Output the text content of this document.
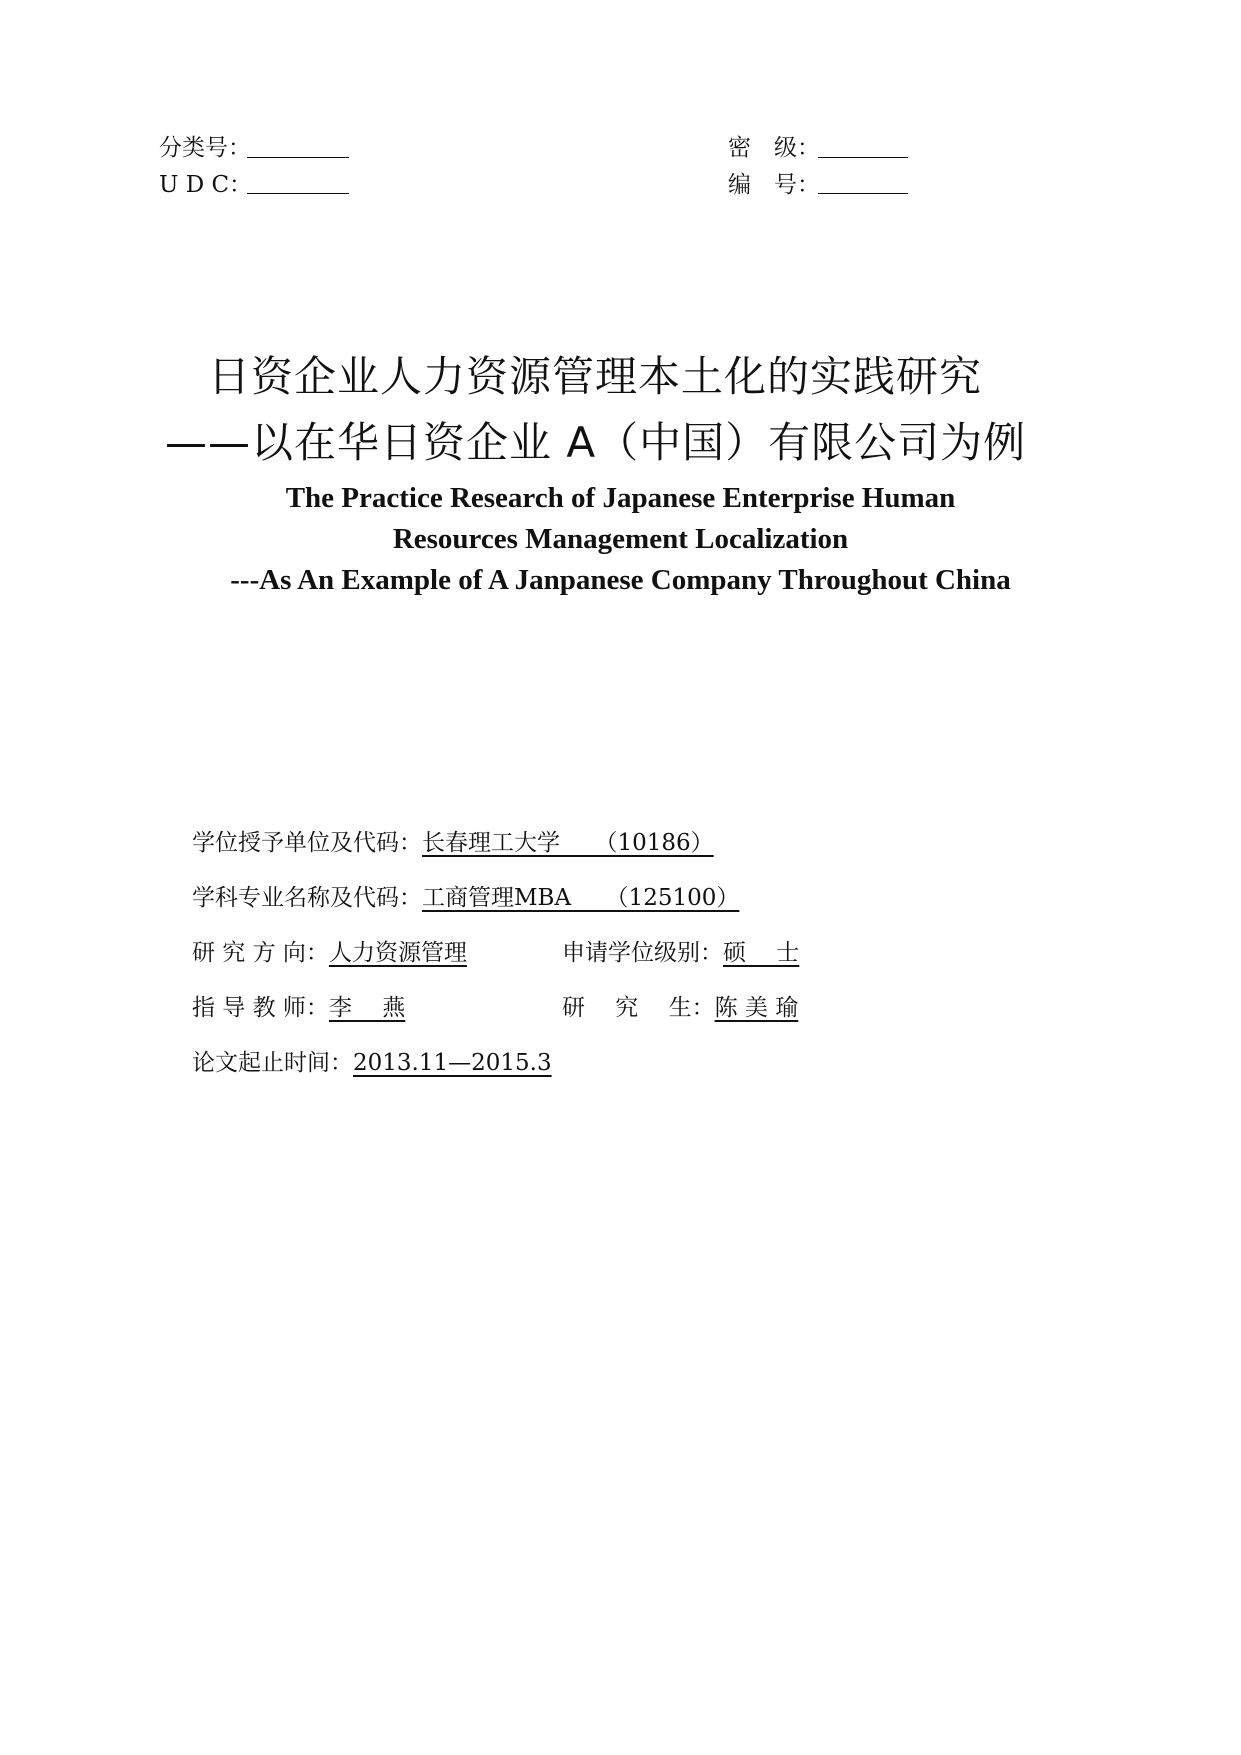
分类号：
U D C：
密　级：
编　号：
日资企业人力资源管理本土化的实践研究
——以在华日资企业 A（中国）有限公司为例
The Practice Research of Japanese Enterprise Human
Resources Management Localization
---As An Example of A Janpanese Company Throughout China
学位授予单位及代码：长春理工大学　　（10186）
学科专业名称及代码：工商管理MBA　　（125100）
研 究 方 向：人力资源管理	申请学位级别：硕　 士
指 导 教 师：李　 燕	研　 究　 生：陈 美 瑜
论文起止时间：2013.11—2015.3
